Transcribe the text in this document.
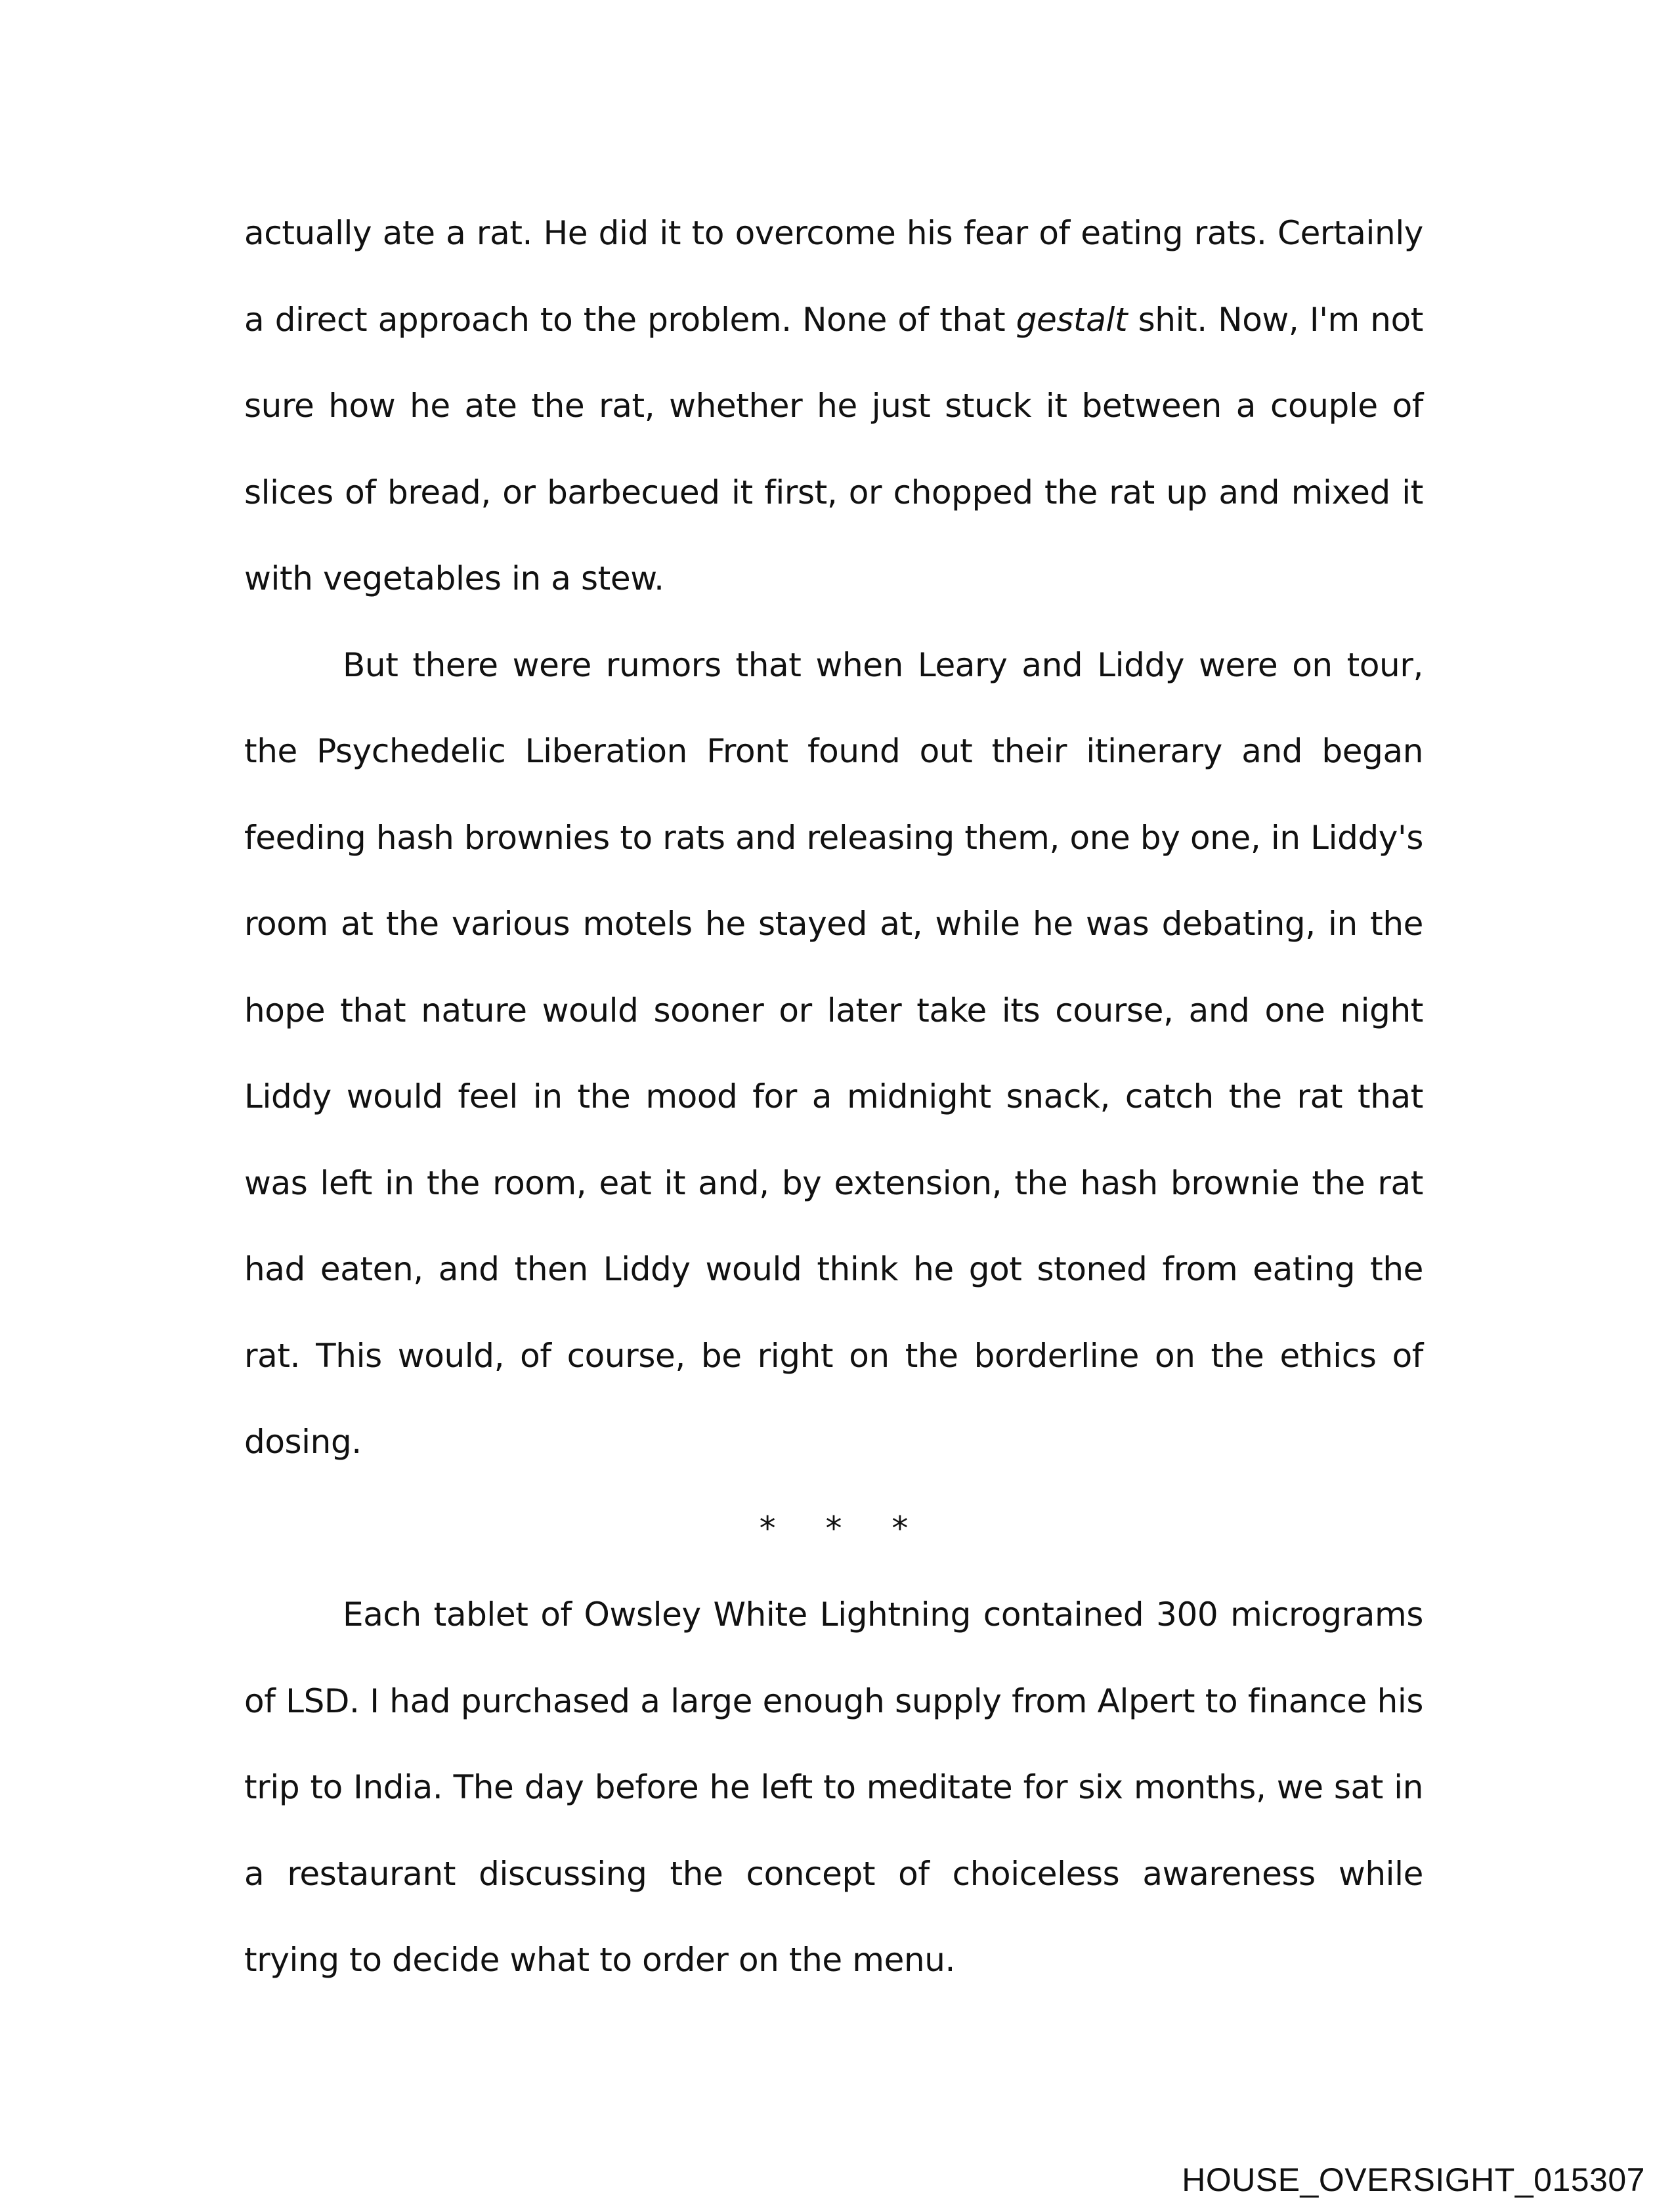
actually ate a rat. He did it to overcome his fear of eating rats. Certainly a direct approach to the problem. None of that gestalt shit. Now, I'm not sure how he ate the rat, whether he just stuck it between a couple of slices of bread, or barbecued it first, or chopped the rat up and mixed it with vegetables in a stew.

But there were rumors that when Leary and Liddy were on tour, the Psychedelic Liberation Front found out their itinerary and began feeding hash brownies to rats and releasing them, one by one, in Liddy's room at the various motels he stayed at, while he was debating, in the hope that nature would sooner or later take its course, and one night Liddy would feel in the mood for a midnight snack, catch the rat that was left in the room, eat it and, by extension, the hash brownie the rat had eaten, and then Liddy would think he got stoned from eating the rat. This would, of course, be right on the borderline on the ethics of dosing.

* * *

Each tablet of Owsley White Lightning contained 300 micrograms of LSD. I had purchased a large enough supply from Alpert to finance his trip to India. The day before he left to meditate for six months, we sat in a restaurant discussing the concept of choiceless awareness while trying to decide what to order on the menu.

HOUSE_OVERSIGHT_015307
